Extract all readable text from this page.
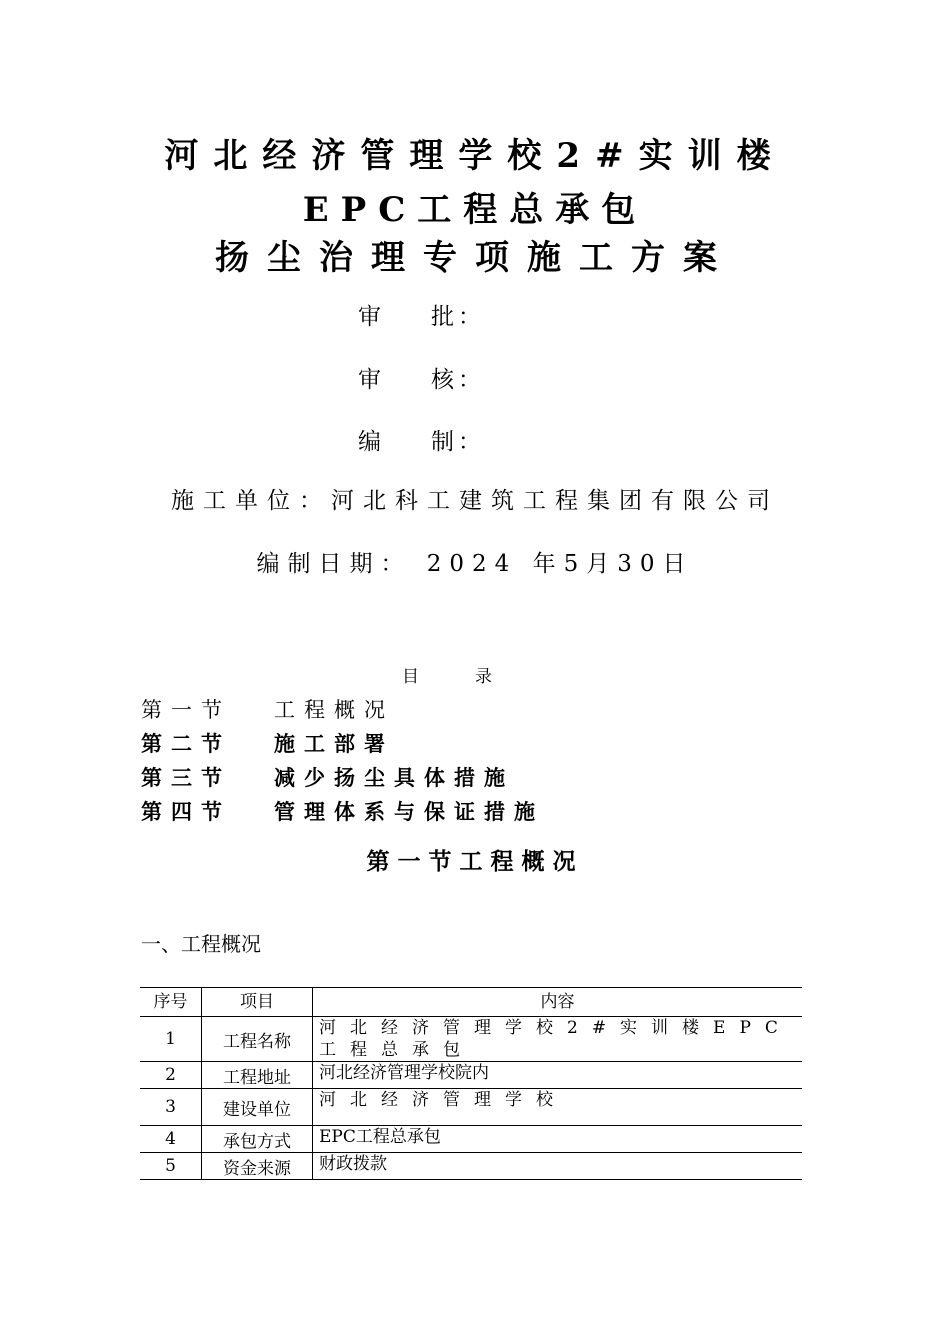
河北经济管理学校2#实训楼
EPC工程总承包
扬尘治理专项施工方案
审 批：
审 核：
编 制：
施工单位：河北科工建筑工程集团有限公司
编制日期： 2024 年5月30日
目录
第一节 工程概况
第二节 施工部署
第三节 减少扬尘具体措施
第四节 管理体系与保证措施
第一节工程概况
一、工程概况
序号	项目	内容
1	工程名称	河北经济管理学校2#实训楼EPC工程总承包
2	工程地址	河北经济管理学校院内
3	建设单位	河北经济管理学校
4	承包方式	EPC工程总承包
5	资金来源	财政拨款
